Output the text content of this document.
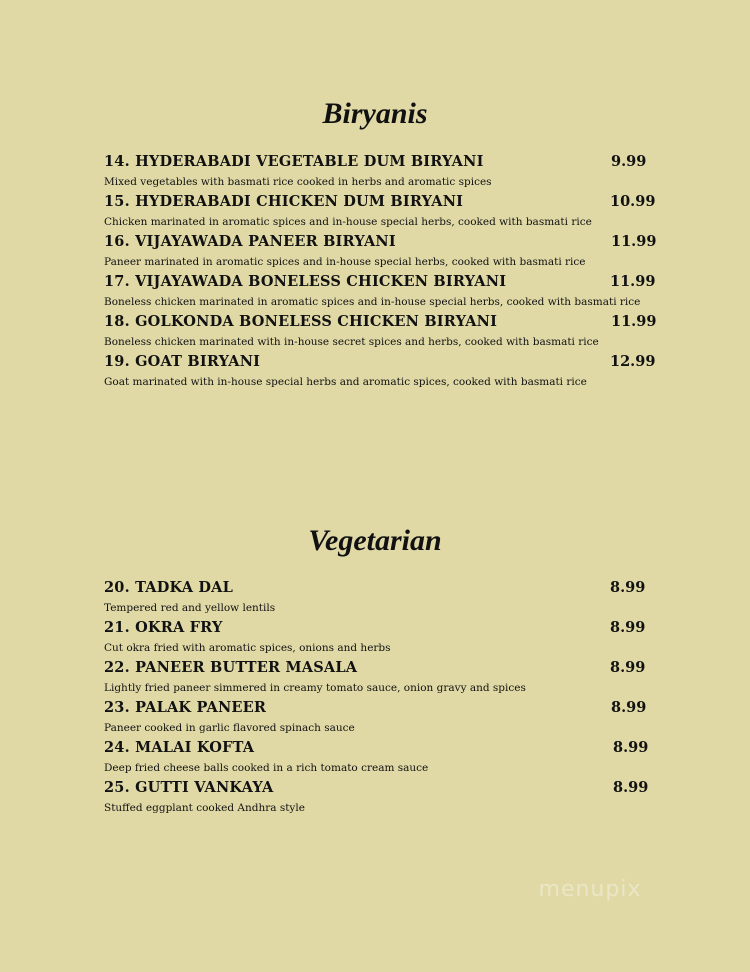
Biryanis
14. HYDERABADI VEGETABLE DUM BIRYANI	9.99
Mixed vegetables with basmati rice cooked in herbs and aromatic spices
15. HYDERABADI CHICKEN DUM BIRYANI	10.99
Chicken marinated in aromatic spices and in-house special herbs, cooked with basmati rice
16. VIJAYAWADA PANEER BIRYANI	11.99
Paneer marinated in aromatic spices and in-house special herbs, cooked with basmati rice
17. VIJAYAWADA BONELESS CHICKEN BIRYANI	11.99
Boneless chicken marinated in aromatic spices and in-house special herbs, cooked with basmati rice
18. GOLKONDA BONELESS CHICKEN BIRYANI	11.99
Boneless chicken marinated with in-house secret spices and herbs, cooked with basmati rice
19. GOAT BIRYANI	12.99
Goat marinated with in-house special herbs and aromatic spices, cooked with basmati rice
Vegetarian
20. TADKA DAL	8.99
Tempered red and yellow lentils
21. OKRA FRY	8.99
Cut okra fried with aromatic spices, onions and herbs
22. PANEER BUTTER MASALA	8.99
Lightly fried paneer simmered in creamy tomato sauce, onion gravy and spices
23. PALAK PANEER	8.99
Paneer cooked in garlic flavored spinach sauce
24. MALAI KOFTA	8.99
Deep fried cheese balls cooked in a rich tomato cream sauce
25. GUTTI VANKAYA	8.99
Stuffed eggplant cooked Andhra style
menupix
